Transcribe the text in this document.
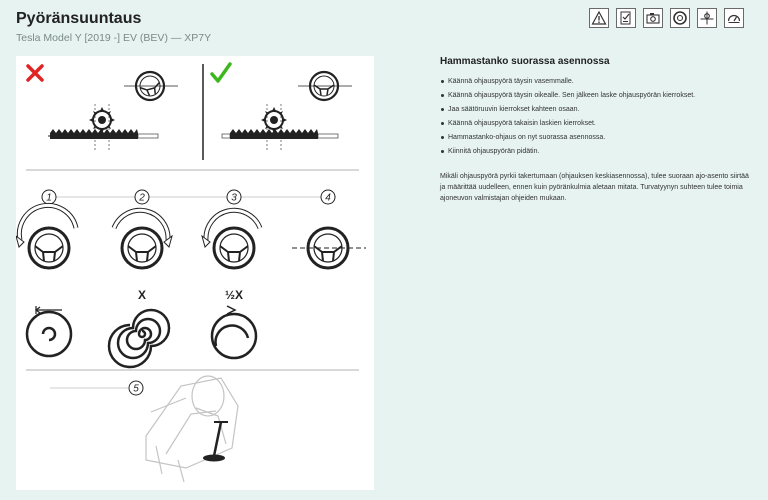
Pyöränsuuntaus
Tesla Model Y [2019 -] EV (BEV) — XP7Y
1	2	3	4
X	½X
5
Hammastanko suorassa asennossa
Käännä ohjauspyörä täysin vasemmalle.
Käännä ohjauspyörä täysin oikealle. Sen jälkeen laske ohjauspyörän kierrokset.
Jaa säätöruuvin kierrokset kahteen osaan.
Käännä ohjauspyörä takaisin laskien kierrokset.
Hammastanko-ohjaus on nyt suorassa asennossa.
Kiinnitä ohjauspyörän pidätin.

Mikäli ohjauspyörä pyrkii takertumaan (ohjauksen keskiasennossa), tulee suoraan ajo-asento siirtää ja määrittää uudelleen, ennen kuin pyöränkulmia aletaan mitata. Turvatyynyn suhteen tulee toimia ajoneuvon valmistajan ohjeiden mukaan.
